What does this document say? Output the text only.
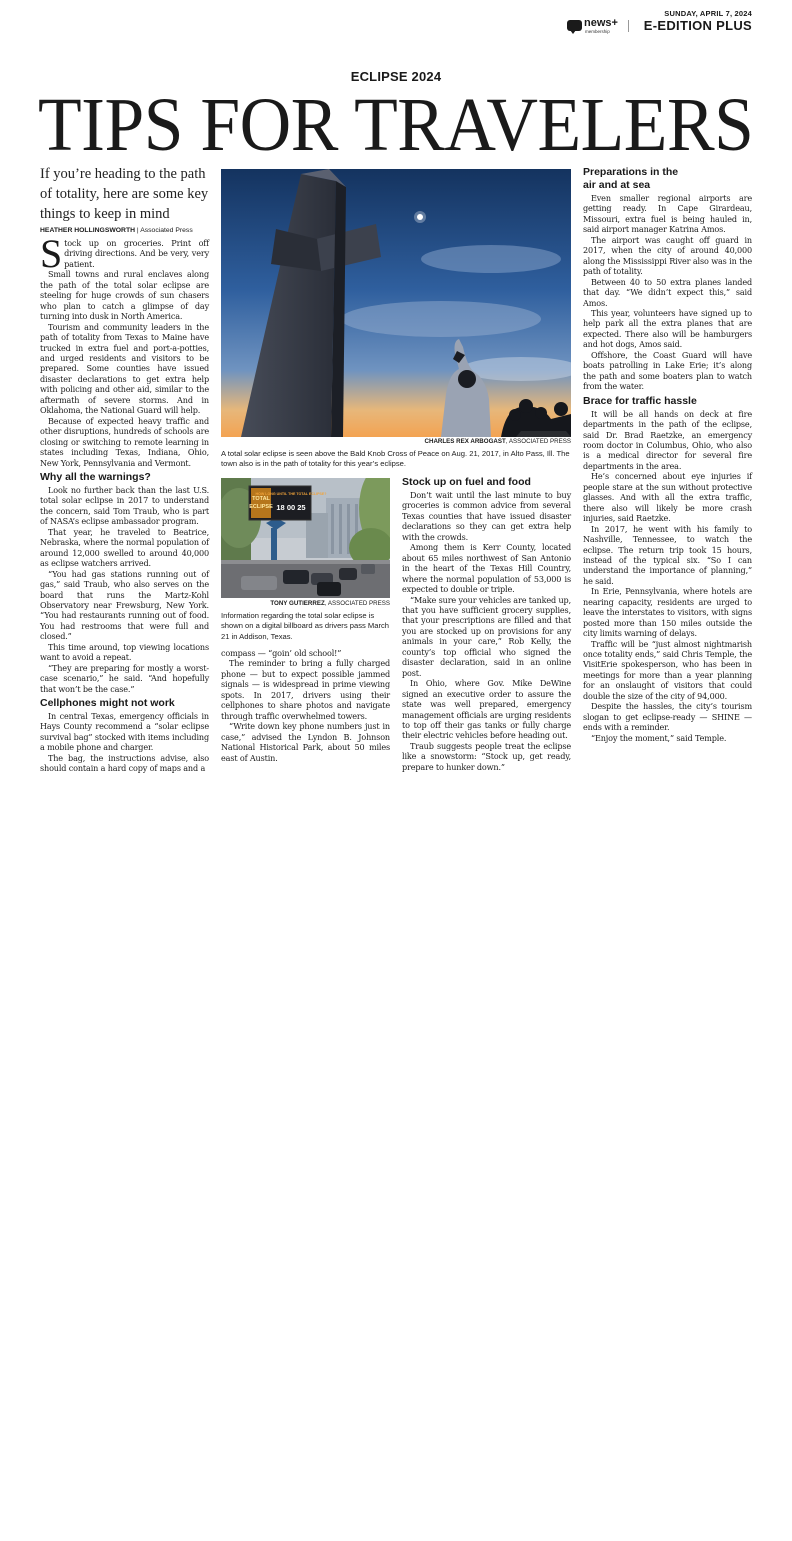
SUNDAY, APRIL 7, 2024
news+
membership	E-EDITION PLUS
ECLIPSE 2024
TIPS FOR TRAVELERS
If you’re heading to the path of totality, here are some key things to keep in mind
HEATHER HOLLINGSWORTH | Associated Press

Stock up on groceries. Print off driving directions. And be very, very patient.

Small towns and rural enclaves along the path of the total solar eclipse are steeling for huge crowds of sun chasers who plan to catch a glimpse of day turning into dusk in North America.

Tourism and community leaders in the path of totality from Texas to Maine have trucked in extra fuel and port-a-potties, and urged residents and visitors to be prepared. Some counties have issued disaster declarations to get extra help with policing and other aid, similar to the aftermath of severe storms. And in Oklahoma, the National Guard will help.

Because of expected heavy traffic and other disruptions, hundreds of schools are closing or switching to remote learning in states including Texas, Indiana, Ohio, New York, Pennsylvania and Vermont.

Why all the warnings?

Look no further back than the last U.S. total solar eclipse in 2017 to understand the concern, said Tom Traub, who is part of NASA’s eclipse ambassador program.

That year, he traveled to Beatrice, Nebraska, where the normal population of around 12,000 swelled to around 40,000 as eclipse watchers arrived.

“You had gas stations running out of gas,” said Traub, who also serves on the board that runs the Martz-Kohl Observatory near Frewsburg, New York. “You had restaurants running out of food. You had restrooms that were full and closed.”

This time around, top viewing locations want to avoid a repeat.

“They are preparing for mostly a worst-case scenario,” he said. “And hopefully that won’t be the case.”

Cellphones might not work

In central Texas, emergency officials in Hays County recommend a “solar eclipse survival bag” stocked with items including a mobile phone and charger.

The bag, the instructions advise, also should contain a hard copy of maps and a

CHARLES REX ARBOGAST, ASSOCIATED PRESS
A total solar eclipse is seen above the Bald Knob Cross of Peace on Aug. 21, 2017, in Alto Pass, Ill. The town also is in the path of totality for this year’s eclipse.
TOTAL
ECLIPSE
HOW LONG UNTIL THE TOTAL ECLIPSE?
18 00 25
TONY GUTIERREZ, ASSOCIATED PRESS
Information regarding the total solar eclipse is shown on a digital billboard as drivers pass March 21 in Addison, Texas.

compass — “goin’ old school!”

The reminder to bring a fully charged phone — but to expect possible jammed signals — is widespread in prime viewing spots. In 2017, drivers using their cellphones to share photos and navigate through traffic overwhelmed towers.

“Write down key phone numbers just in case,” advised the Lyndon B. Johnson National Historical Park, about 50 miles east of Austin.

Stock up on fuel and food

Don’t wait until the last minute to buy groceries is common advice from several Texas counties that have issued disaster declarations so they can get extra help with the crowds.

Among them is Kerr County, located about 65 miles northwest of San Antonio in the heart of the Texas Hill Country, where the normal population of 53,000 is expected to double or triple.

“Make sure your vehicles are tanked up, that you have sufficient grocery supplies, that your prescriptions are filled and that you are stocked up on provisions for any animals in your care,” Rob Kelly, the county’s top official who signed the disaster declaration, said in an online post.

In Ohio, where Gov. Mike DeWine signed an executive order to assure the state was well prepared, emergency management officials are urging residents to top off their gas tanks or fully charge their electric vehicles before heading out.

Traub suggests people treat the eclipse like a snowstorm: “Stock up, get ready, prepare to hunker down.”

Preparations in the air and at sea

Even smaller regional airports are getting ready. In Cape Girardeau, Missouri, extra fuel is being hauled in, said airport manager Katrina Amos.

The airport was caught off guard in 2017, when the city of around 40,000 along the Mississippi River also was in the path of totality.

Between 40 to 50 extra planes landed that day. “We didn’t expect this,” said Amos.

This year, volunteers have signed up to help park all the extra planes that are expected. There also will be hamburgers and hot dogs, Amos said.

Offshore, the Coast Guard will have boats patrolling in Lake Erie; it’s along the path and some boaters plan to watch from the water.

Brace for traffic hassle

It will be all hands on deck at fire departments in the path of the eclipse, said Dr. Brad Raetzke, an emergency room doctor in Columbus, Ohio, who also is a medical director for several fire departments in the area.

He’s concerned about eye injuries if people stare at the sun without protective glasses. And with all the extra traffic, there also will likely be more crash injuries, said Raetzke.

In 2017, he went with his family to Nashville, Tennessee, to watch the eclipse. The return trip took 15 hours, instead of the typical six. “So I can understand the importance of planning,” he said.

In Erie, Pennsylvania, where hotels are nearing capacity, residents are urged to leave the interstates to visitors, with signs posted more than 150 miles outside the city limits warning of delays.

Traffic will be “just almost nightmarish once totality ends,” said Chris Temple, the VisitErie spokesperson, who has been in meetings for more than a year planning for an onslaught of visitors that could double the size of the city of 94,000.

Despite the hassles, the city’s tourism slogan to get eclipse-ready — SHINE — ends with a reminder.

“Enjoy the moment,” said Temple.
